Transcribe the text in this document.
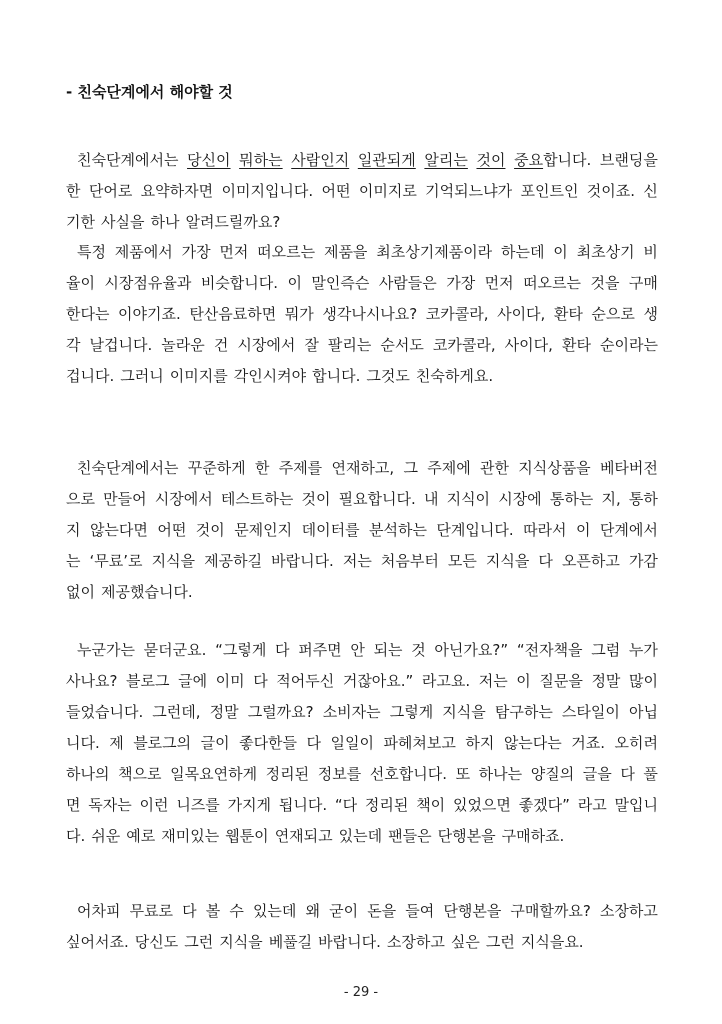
- 친숙단계에서 해야할 것
친숙단계에서는 당신이 뭐하는 사람인지 일관되게 알리는 것이 중요합니다. 브랜딩을
한 단어로 요약하자면 이미지입니다. 어떤 이미지로 기억되느냐가 포인트인 것이죠. 신
기한 사실을 하나 알려드릴까요?
특정 제품에서 가장 먼저 떠오르는 제품을 최초상기제품이라 하는데 이 최초상기 비
율이 시장점유율과 비슷합니다. 이 말인즉슨 사람들은 가장 먼저 떠오르는 것을 구매
한다는 이야기죠. 탄산음료하면 뭐가 생각나시나요? 코카콜라, 사이다, 환타 순으로 생
각 날겁니다. 놀라운 건 시장에서 잘 팔리는 순서도 코카콜라, 사이다, 환타 순이라는
겁니다. 그러니 이미지를 각인시켜야 합니다. 그것도 친숙하게요.
친숙단계에서는 꾸준하게 한 주제를 연재하고, 그 주제에 관한 지식상품을 베타버전
으로 만들어 시장에서 테스트하는 것이 필요합니다. 내 지식이 시장에 통하는 지, 통하
지 않는다면 어떤 것이 문제인지 데이터를 분석하는 단계입니다. 따라서 이 단계에서
는 ‘무료’로 지식을 제공하길 바랍니다. 저는 처음부터 모든 지식을 다 오픈하고 가감
없이 제공했습니다.
누군가는 묻더군요. “그렇게 다 퍼주면 안 되는 것 아닌가요?” “전자책을 그럼 누가
사나요? 블로그 글에 이미 다 적어두신 거잖아요.” 라고요. 저는 이 질문을 정말 많이
들었습니다. 그런데, 정말 그럴까요? 소비자는 그렇게 지식을 탐구하는 스타일이 아닙
니다. 제 블로그의 글이 좋다한들 다 일일이 파헤쳐보고 하지 않는다는 거죠. 오히려
하나의 책으로 일목요연하게 정리된 정보를 선호합니다. 또 하나는 양질의 글을 다 풀
면 독자는 이런 니즈를 가지게 됩니다. “다 정리된 책이 있었으면 좋겠다” 라고 말입니
다. 쉬운 예로 재미있는 웹툰이 연재되고 있는데 팬들은 단행본을 구매하죠.
어차피 무료로 다 볼 수 있는데 왜 굳이 돈을 들여 단행본을 구매할까요? 소장하고
싶어서죠. 당신도 그런 지식을 베풀길 바랍니다. 소장하고 싶은 그런 지식을요.
- 29 -
